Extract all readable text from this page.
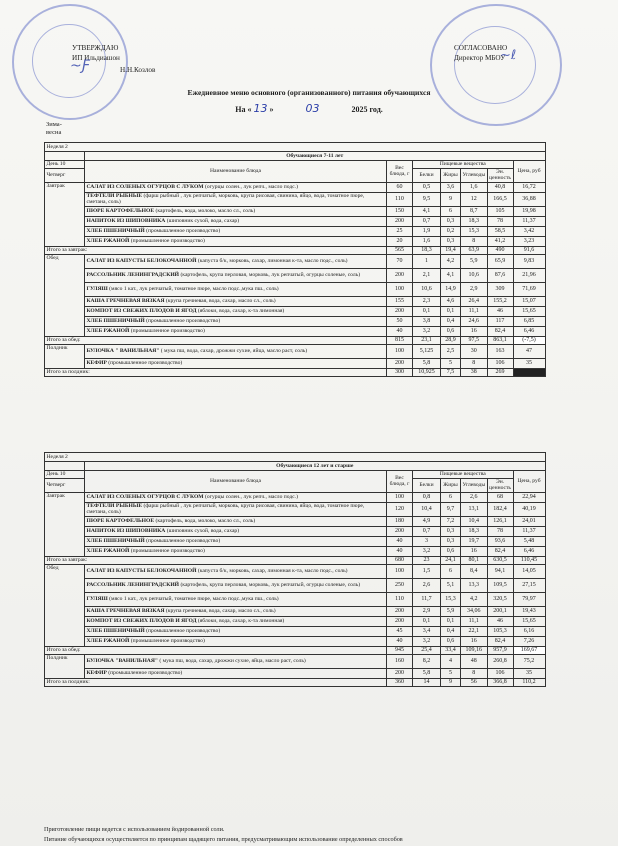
УТВЕРЖДАЮ
ИП Ильдиашон
Н.Н.Козлов
~Ƒ
СОГЛАСОВАНО
Директор МБОУ
~ℓ
Ежедневное меню основного (организованного) питания обучающихся
На « 13 »	03	2025 год.
Зима-весна
Неделя 2							
	Обучающиеся 7-11 лет						
День 10	Наименование блюда	Вес блюда, г	Пищевые вещества				Цена, руб
Четверг			Белки	Жиры	Углеводы	Эн. ценность	
Завтрак	САЛАТ ИЗ СОЛЕНЫХ ОГУРЦОВ С ЛУКОМ (огурцы солен., лук репч., масло подс.)	60	0,5	3,6	1,6	40,8	16,72
	ТЕФТЕЛИ РЫБНЫЕ (фарш рыбный , лук репчатый, морковь, крупа рисовая, свинина, яйцо, вода, томатное пюре, сметана, соль)	110	9,5	9	12	166,5	36,88
	ПЮРЕ КАРТОФЕЛЬНОЕ (картофель, вода, молоко, масло сл., соль)	150	4,1	6	8,7	105	19,98
	НАПИТОК ИЗ ШИПОВНИКА (шиповник сухой, вода, сахар)	200	0,7	0,3	18,3	78	11,37
	ХЛЕБ ПШЕНИЧНЫЙ (промышленное производство)	25	1,9	0,2	15,3	58,5	3,42
	ХЛЕБ РЖАНОЙ (промышленное производство)	20	1,6	0,3	8	41,2	3,23
Итого за завтрак:		565	18,3	19,4	63,9	490	91,6
Обед	САЛАТ ИЗ КАПУСТЫ БЕЛОКОЧАННОЙ (капуста б/к, морковь, сахар, лимонная к-та, масло подс., соль)	70	1	4,2	5,9	65,9	9,83
	РАССОЛЬНИК ЛЕНИНГРАДСКИЙ (картофель, крупа перловая, морковь, лук репчатый, огурцы соленые, соль)	200	2,1	4,1	10,6	87,6	21,96
	ГУЛЯШ (мясо 1 кат., лук репчатый, томатное пюре, масло подс.,мука пш., соль)	100	10,6	14,9	2,9	309	71,69
	КАША ГРЕЧНЕВАЯ ВЯЗКАЯ (крупа гречневая, вода, сахар, масло сл., соль)	155	2,3	4,6	26,4	155,2	15,07
	КОМПОТ ИЗ СВЕЖИХ ПЛОДОВ И ЯГОД (яблоки, вода, сахар, к-та лимонная)	200	0,1	0,1	11,1	46	15,65
	ХЛЕБ ПШЕНИЧНЫЙ (промышленное производство)	50	3,8	0,4	24,6	117	6,85
	ХЛЕБ РЖАНОЙ (промышленное производство)	40	3,2	0,6	16	82,4	6,46
Итого за обед:		815	23,1	28,9	97,5	863,1	(-7,5)
Полдник	БУЛОЧКА " ВАНИЛЬНАЯ" ( мука пш, вода, сахар, дрожжи сухие, яйца, масло раст, соль)	100	5,125	2,5	30	163	47
	КЕФИР (промышленное производство)	200	5,8	5	8	106	35
Итого за полдник:		300	10,925	7,5	38	269	
Неделя 2							
	Обучающиеся 12 лет и старше						
День 10	Наименование блюда	Вес блюда, г	Пищевые вещества				Цена, руб
Четверг			Белки	Жиры	Углеводы	Эн. ценность	
Завтрак	САЛАТ ИЗ СОЛЕНЫХ ОГУРЦОВ С ЛУКОМ (огурцы солен., лук репч., масло подс.)	100	0,8	6	2,6	68	22,94
	ТЕФТЕЛИ РЫБНЫЕ (фарш рыбный , лук репчатый, морковь, крупа рисовая, свинина, яйцо, вода, томатное пюре, сметана, соль)	120	10,4	9,7	13,1	182,4	40,19
	ПЮРЕ КАРТОФЕЛЬНОЕ (картофель, вода, молоко, масло сл., соль)	180	4,9	7,2	10,4	126,1	24,01
	НАПИТОК ИЗ ШИПОВНИКА (шиповник сухой, вода, сахар)	200	0,7	0,3	18,3	78	11,37
	ХЛЕБ ПШЕНИЧНЫЙ (промышленное производство)	40	3	0,3	19,7	93,6	5,48
	ХЛЕБ РЖАНОЙ (промышленное производство)	40	3,2	0,6	16	82,4	6,46
Итого за завтрак:		680	23	24,1	80,1	630,5	110,45
Обед	САЛАТ ИЗ КАПУСТЫ БЕЛОКОЧАННОЙ (капуста б/к, морковь, сахар, лимонная к-та, масло подс., соль)	100	1,5	6	8,4	94,1	14,05
	РАССОЛЬНИК ЛЕНИНГРАДСКИЙ (картофель, крупа перловая, морковь, лук репчатый, огурцы соленые, соль)	250	2,6	5,1	13,3	109,5	27,15
	ГУЛЯШ (мясо 1 кат., лук репчатый, томатное пюре, масло подс.,мука пш., соль)	110	11,7	15,3	4,2	320,5	79,97
	КАША ГРЕЧНЕВАЯ ВЯЗКАЯ (крупа гречневая, вода, сахар, масло сл., соль)	200	2,9	5,9	34,06	200,1	19,43
	КОМПОТ ИЗ СВЕЖИХ ПЛОДОВ И ЯГОД (яблоки, вода, сахар, к-та лимонная)	200	0,1	0,1	11,1	46	15,65
	ХЛЕБ ПШЕНИЧНЫЙ (промышленное производство)	45	3,4	0,4	22,1	105,3	6,16
	ХЛЕБ РЖАНОЙ (промышленное производство)	40	3,2	0,6	16	82,4	7,26
Итого за обед:		945	25,4	33,4	109,16	957,9	169,67
Полдник	БУЛОЧКА "ВАНИЛЬНАЯ" ( мука пш, вода, сахар, дрожжи сухие, яйца, масло раст, соль)	160	8,2	4	48	260,8	75,2
	КЕФИР (промышленное производство)	200	5,8	5	8	106	35
Итого за полдник:		360	14	9	56	366,8	110,2
Приготовление пищи ведется с использованием йодированной соли.
Питание обучающихся осуществляется по принципам щадящего питания, предусматривающим использование определенных способов
